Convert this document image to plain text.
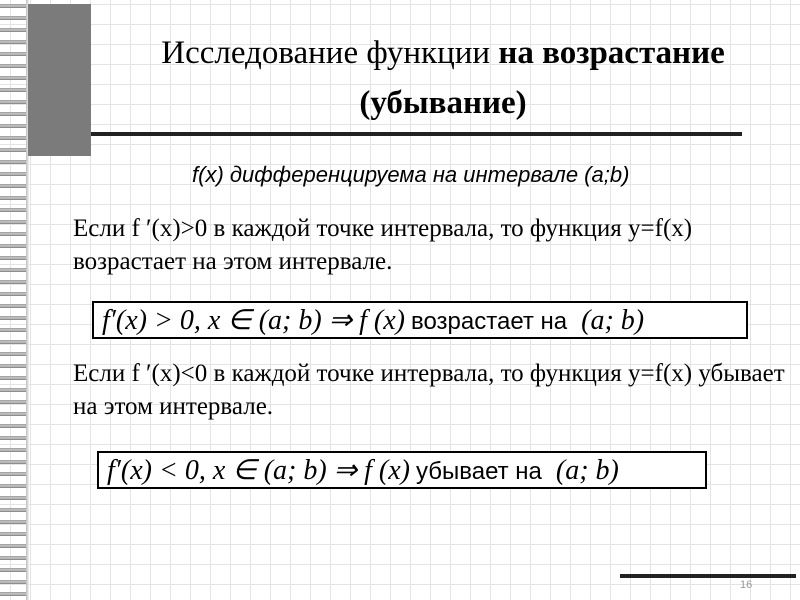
Исследование функции на возрастание (убывание)
f(x) дифференцируема на интервале (a;b)
Если f ′(x)>0 в каждой точке интервала, то функция y=f(x) возрастает на этом интервале.
f′(x) > 0, x ∈ (a; b) ⇒ f (x) возрастает на (a; b)
Если f ′(x)<0 в каждой точке интервала, то функция y=f(x) убывает на этом интервале.
f′(x) < 0, x ∈ (a; b) ⇒ f (x) убывает на (a; b)
16
